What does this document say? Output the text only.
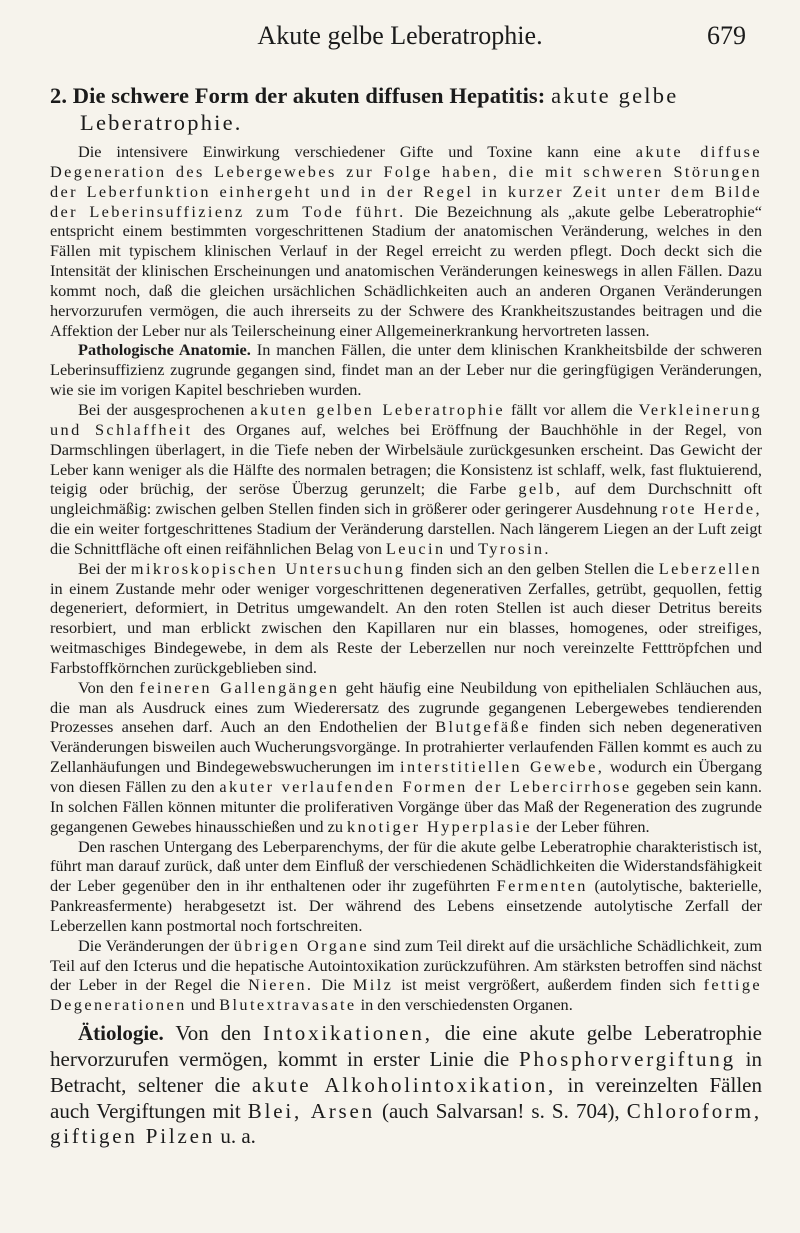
Akute gelbe Leberatrophie.	679
2. Die schwere Form der akuten diffusen Hepatitis: akute gelbe Leberatrophie.

Die intensivere Einwirkung verschiedener Gifte und Toxine kann eine akute diffuse Degeneration des Lebergewebes zur Folge haben, die mit schweren Störungen der Leberfunktion einhergeht und in der Regel in kurzer Zeit unter dem Bilde der Leberinsuffizienz zum Tode führt. Die Bezeichnung als „akute gelbe Leberatrophie“ entspricht einem bestimmten vorgeschrittenen Stadium der anatomischen Veränderung, welches in den Fällen mit typischem klinischen Verlauf in der Regel erreicht zu werden pflegt. Doch deckt sich die Intensität der klinischen Erscheinungen und anatomischen Veränderungen keineswegs in allen Fällen. Dazu kommt noch, daß die gleichen ursächlichen Schädlichkeiten auch an anderen Organen Veränderungen hervorzurufen vermögen, die auch ihrerseits zu der Schwere des Krankheitszustandes beitragen und die Affektion der Leber nur als Teilerscheinung einer Allgemeinerkrankung hervortreten lassen.

Pathologische Anatomie. In manchen Fällen, die unter dem klinischen Krankheitsbilde der schweren Leberinsuffizienz zugrunde gegangen sind, findet man an der Leber nur die geringfügigen Veränderungen, wie sie im vorigen Kapitel beschrieben wurden.

Bei der ausgesprochenen akuten gelben Leberatrophie fällt vor allem die Verkleinerung und Schlaffheit des Organes auf, welches bei Eröffnung der Bauchhöhle in der Regel, von Darmschlingen überlagert, in die Tiefe neben der Wirbelsäule zurückgesunken erscheint. Das Gewicht der Leber kann weniger als die Hälfte des normalen betragen; die Konsistenz ist schlaff, welk, fast fluktuierend, teigig oder brüchig, der seröse Überzug gerunzelt; die Farbe gelb, auf dem Durchschnitt oft ungleichmäßig: zwischen gelben Stellen finden sich in größerer oder geringerer Ausdehnung rote Herde, die ein weiter fortgeschrittenes Stadium der Veränderung darstellen. Nach längerem Liegen an der Luft zeigt die Schnittfläche oft einen reifähnlichen Belag von Leucin und Tyrosin.

Bei der mikroskopischen Untersuchung finden sich an den gelben Stellen die Leberzellen in einem Zustande mehr oder weniger vorgeschrittenen degenerativen Zerfalles, getrübt, gequollen, fettig degeneriert, deformiert, in Detritus umgewandelt. An den roten Stellen ist auch dieser Detritus bereits resorbiert, und man erblickt zwischen den Kapillaren nur ein blasses, homogenes, oder streifiges, weitmaschiges Bindegewebe, in dem als Reste der Leberzellen nur noch vereinzelte Fetttröpfchen und Farbstoffkörnchen zurückgeblieben sind.

Von den feineren Gallengängen geht häufig eine Neubildung von epithelialen Schläuchen aus, die man als Ausdruck eines zum Wiederersatz des zugrunde gegangenen Lebergewebes tendierenden Prozesses ansehen darf. Auch an den Endothelien der Blutgefäße finden sich neben degenerativen Veränderungen bisweilen auch Wucherungsvorgänge. In protrahierter verlaufenden Fällen kommt es auch zu Zellanhäufungen und Bindegewebswucherungen im interstitiellen Gewebe, wodurch ein Übergang von diesen Fällen zu den akuter verlaufenden Formen der Lebercirrhose gegeben sein kann. In solchen Fällen können mitunter die proliferativen Vorgänge über das Maß der Regeneration des zugrunde gegangenen Gewebes hinausschießen und zu knotiger Hyperplasie der Leber führen.

Den raschen Untergang des Leberparenchyms, der für die akute gelbe Leberatrophie charakteristisch ist, führt man darauf zurück, daß unter dem Einfluß der verschiedenen Schädlichkeiten die Widerstandsfähigkeit der Leber gegenüber den in ihr enthaltenen oder ihr zugeführten Fermenten (autolytische, bakterielle, Pankreasfermente) herabgesetzt ist. Der während des Lebens einsetzende autolytische Zerfall der Leberzellen kann postmortal noch fortschreiten.

Die Veränderungen der übrigen Organe sind zum Teil direkt auf die ursächliche Schädlichkeit, zum Teil auf den Icterus und die hepatische Autointoxikation zurückzuführen. Am stärksten betroffen sind nächst der Leber in der Regel die Nieren. Die Milz ist meist vergrößert, außerdem finden sich fettige Degenerationen und Blutextravasate in den verschiedensten Organen.

Ätiologie. Von den Intoxikationen, die eine akute gelbe Leberatrophie hervorzurufen vermögen, kommt in erster Linie die Phosphorvergiftung in Betracht, seltener die akute Alkoholintoxikation, in vereinzelten Fällen auch Vergiftungen mit Blei, Arsen (auch Salvarsan! s. S. 704), Chloroform, giftigen Pilzen u. a.
